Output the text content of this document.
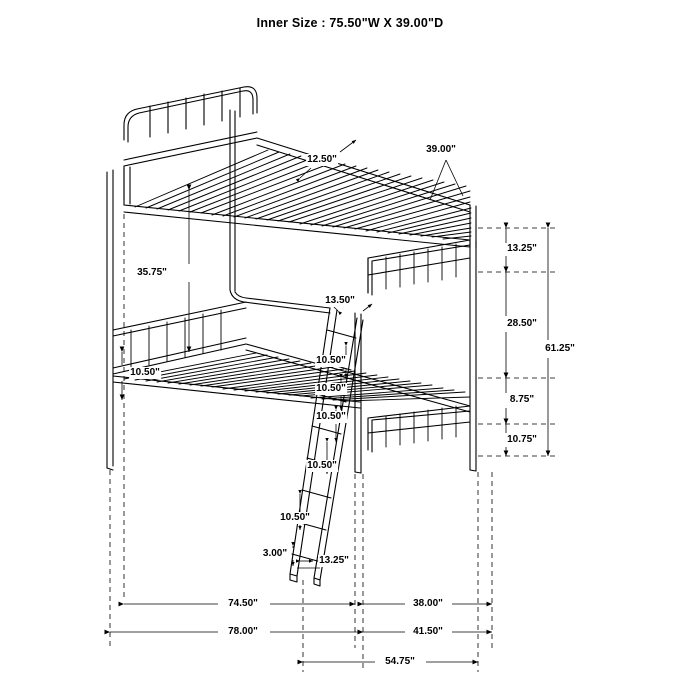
Inner Size : 75.50"W X 39.00"D
12.50"
39.00"
35.75"
13.25"
13.50"
28.50"
61.25"
10.50"
10.50"
10.50"
8.75"
10.50"
10.75"
10.50"
10.50"
3.00"
13.25"
74.50"	38.00"
78.00"	41.50"
54.75"
